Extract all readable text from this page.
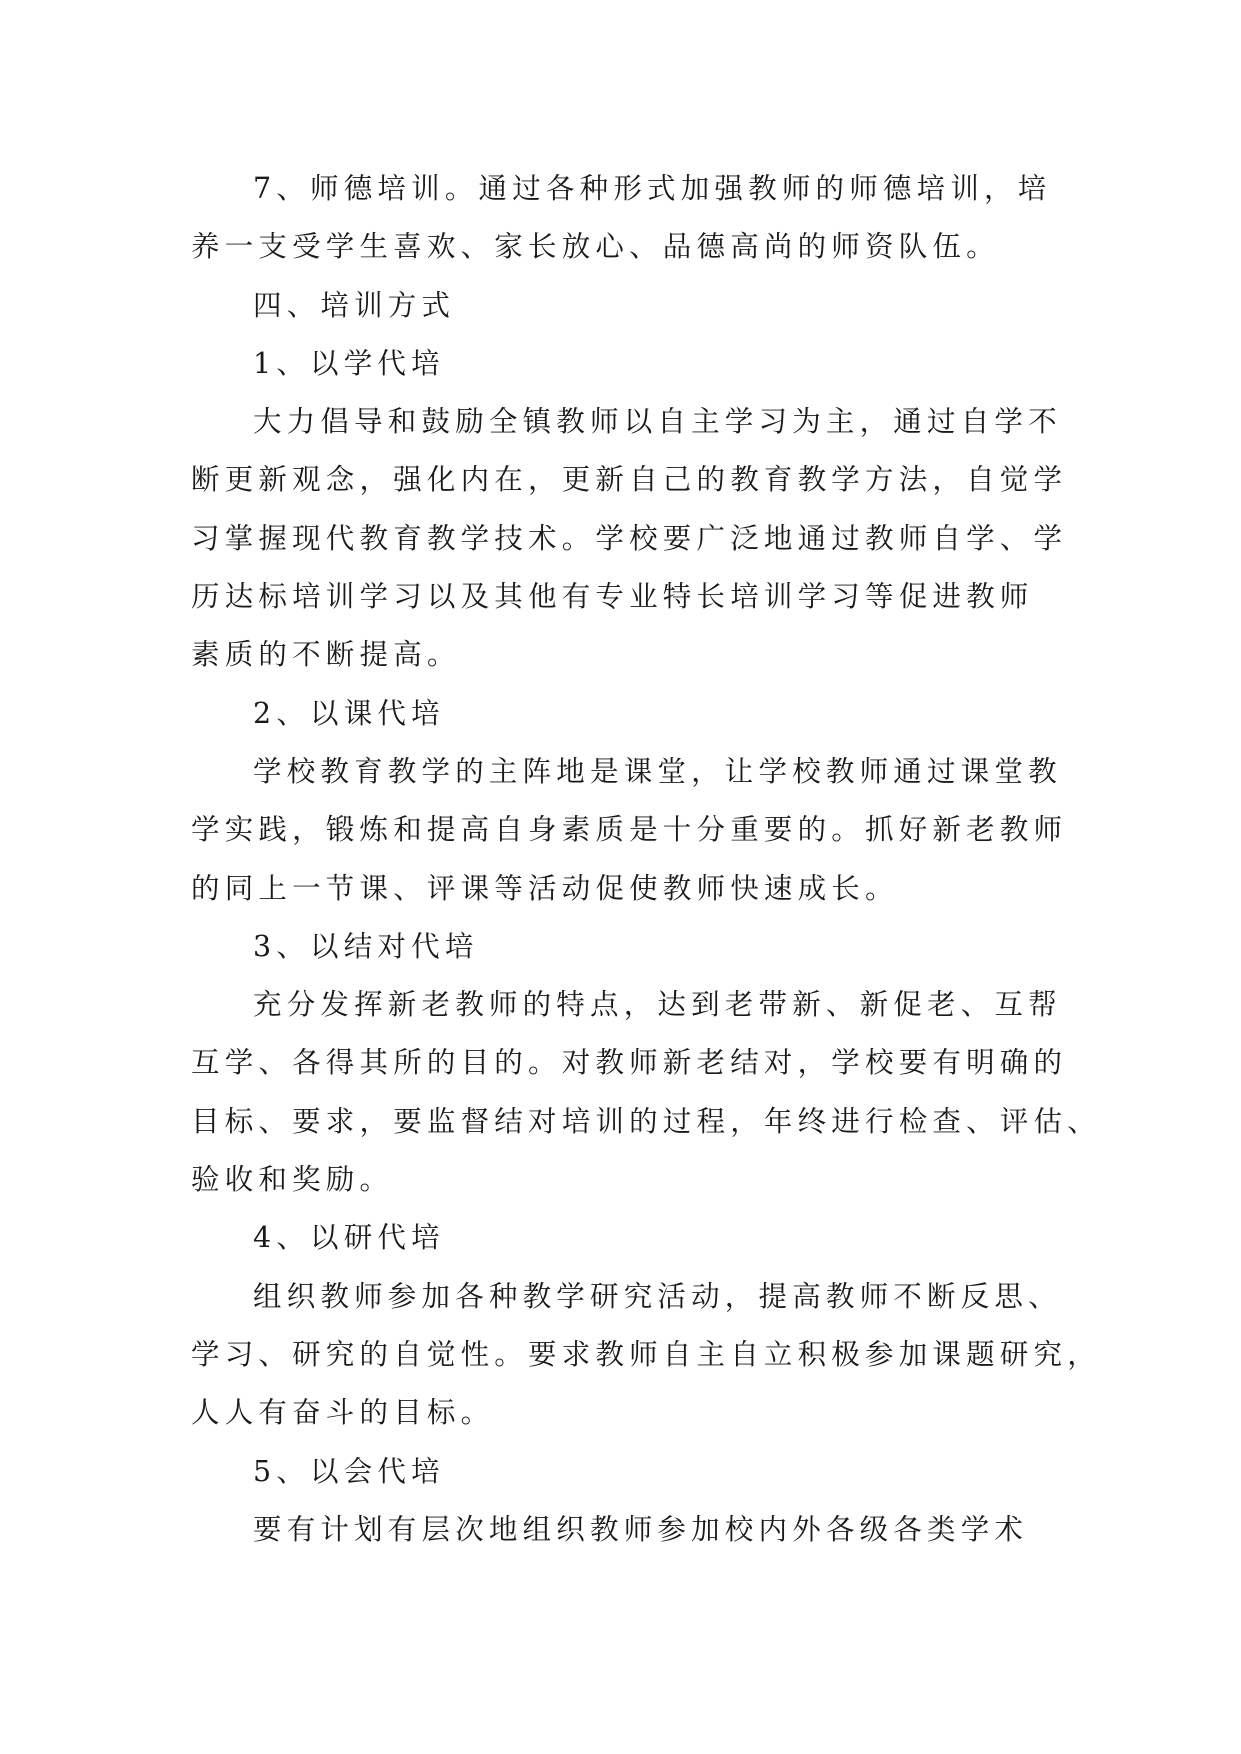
7、师德培训。通过各种形式加强教师的师德培训，培
养一支受学生喜欢、家长放心、品德高尚的师资队伍。
四、培训方式
1、以学代培
大力倡导和鼓励全镇教师以自主学习为主，通过自学不
断更新观念，强化内在，更新自己的教育教学方法，自觉学
习掌握现代教育教学技术。学校要广泛地通过教师自学、学
历达标培训学习以及其他有专业特长培训学习等促进教师
素质的不断提高。
2、以课代培
学校教育教学的主阵地是课堂，让学校教师通过课堂教
学实践，锻炼和提高自身素质是十分重要的。抓好新老教师
的同上一节课、评课等活动促使教师快速成长。
3、以结对代培
充分发挥新老教师的特点，达到老带新、新促老、互帮
互学、各得其所的目的。对教师新老结对，学校要有明确的
目标、要求，要监督结对培训的过程，年终进行检查、评估、
验收和奖励。
4、以研代培
组织教师参加各种教学研究活动，提高教师不断反思、
学习、研究的自觉性。要求教师自主自立积极参加课题研究，
人人有奋斗的目标。
5、以会代培
要有计划有层次地组织教师参加校内外各级各类学术
